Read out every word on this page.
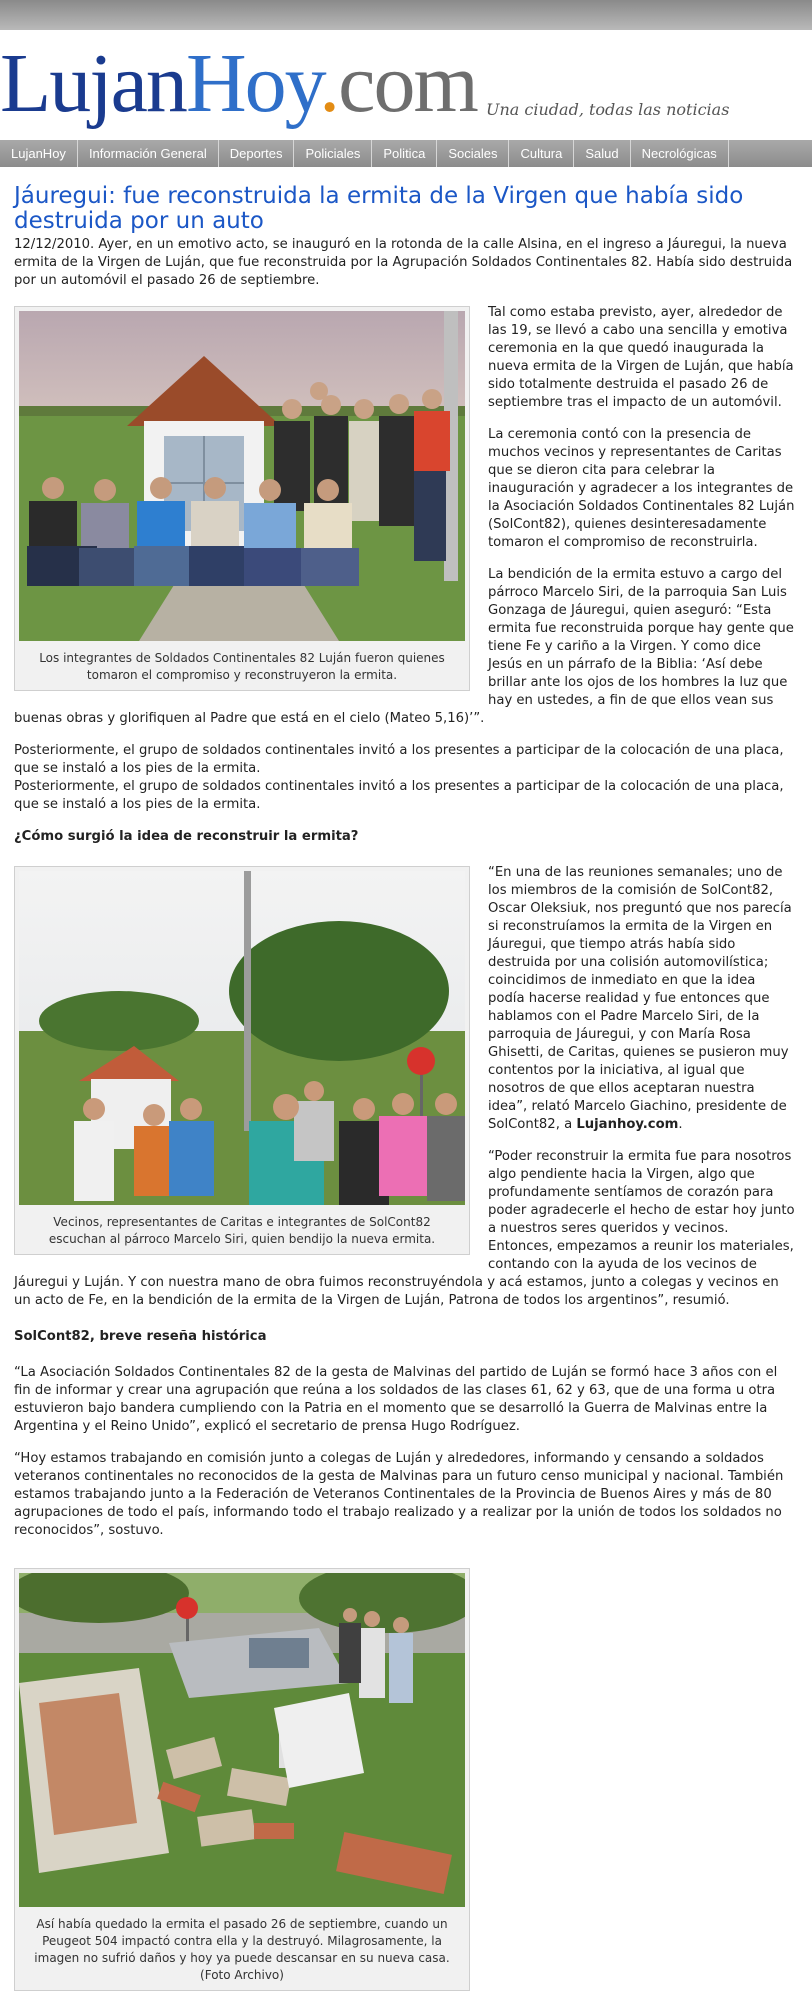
LujanHoy.com Una ciudad, todas las noticias
LujanHoy	Información General	Deportes	Policiales	Politica	Sociales	Cultura	Salud	Necrológicas
Jáuregui: fue reconstruida la ermita de la Virgen que había sido destruida por un auto

12/12/2010. Ayer, en un emotivo acto, se inauguró en la rotonda de la calle Alsina, en el ingreso a Jáuregui, la nueva ermita de la Virgen de Luján, que fue reconstruida por la Agrupación Soldados Continentales 82. Había sido destruida por un automóvil el pasado 26 de septiembre.

Los integrantes de Soldados Continentales 82 Luján fueron quienes tomaron el compromiso y reconstruyeron la ermita.

Tal como estaba previsto, ayer, alrededor de las 19, se llevó a cabo una sencilla y emotiva ceremonia en la que quedó inaugurada la nueva ermita de la Virgen de Luján, que había sido totalmente destruida el pasado 26 de septiembre tras el impacto de un automóvil.

La ceremonia contó con la presencia de muchos vecinos y representantes de Caritas que se dieron cita para celebrar la inauguración y agradecer a los integrantes de la Asociación Soldados Continentales 82 Luján (SolCont82), quienes desinteresadamente tomaron el compromiso de reconstruirla.

La bendición de la ermita estuvo a cargo del párroco Marcelo Siri, de la parroquia San Luis Gonzaga de Jáuregui, quien aseguró: “Esta ermita fue reconstruida porque hay gente que tiene Fe y cariño a la Virgen. Y como dice Jesús en un párrafo de la Biblia: ‘Así debe brillar ante los ojos de los hombres la luz que hay en ustedes, a fin de que ellos vean sus buenas obras y glorifiquen al Padre que está en el cielo (Mateo 5,16)’”.

Posteriormente, el grupo de soldados continentales invitó a los presentes a participar de la colocación de una placa, que se instaló a los pies de la ermita.

Posteriormente, el grupo de soldados continentales invitó a los presentes a participar de la colocación de una placa, que se instaló a los pies de la ermita.

¿Cómo surgió la idea de reconstruir la ermita?
Vecinos, representantes de Caritas e integrantes de SolCont82 escuchan al párroco Marcelo Siri, quien bendijo la nueva ermita.

“En una de las reuniones semanales; uno de los miembros de la comisión de SolCont82, Oscar Oleksiuk, nos preguntó que nos parecía si reconstruíamos la ermita de la Virgen en Jáuregui, que tiempo atrás había sido destruida por una colisión automovilística; coincidimos de inmediato en que la idea podía hacerse realidad y fue entonces que hablamos con el Padre Marcelo Siri, de la parroquia de Jáuregui, y con María Rosa Ghisetti, de Caritas, quienes se pusieron muy contentos por la iniciativa, al igual que nosotros de que ellos aceptaran nuestra idea”, relató Marcelo Giachino, presidente de SolCont82, a Lujanhoy.com.

“Poder reconstruir la ermita fue para nosotros algo pendiente hacia la Virgen, algo que profundamente sentíamos de corazón para poder agradecerle el hecho de estar hoy junto a nuestros seres queridos y vecinos. Entonces, empezamos a reunir los materiales, contando con la ayuda de los vecinos de Jáuregui y Luján. Y con nuestra mano de obra fuimos reconstruyéndola y acá estamos, junto a colegas y vecinos en un acto de Fe, en la bendición de la ermita de la Virgen de Luján, Patrona de todos los argentinos”, resumió.

SolCont82, breve reseña histórica

“La Asociación Soldados Continentales 82 de la gesta de Malvinas del partido de Luján se formó hace 3 años con el fin de informar y crear una agrupación que reúna a los soldados de las clases 61, 62 y 63, que de una forma u otra estuvieron bajo bandera cumpliendo con la Patria en el momento que se desarrolló la Guerra de Malvinas entre la Argentina y el Reino Unido”, explicó el secretario de prensa Hugo Rodríguez.

“Hoy estamos trabajando en comisión junto a colegas de Luján y alrededores, informando y censando a soldados veteranos continentales no reconocidos de la gesta de Malvinas para un futuro censo municipal y nacional. También estamos trabajando junto a la Federación de Veteranos Continentales de la Provincia de Buenos Aires y más de 80 agrupaciones de todo el país, informando todo el trabajo realizado y a realizar por la unión de todos los soldados no reconocidos”, sostuvo.

Así había quedado la ermita el pasado 26 de septiembre, cuando un Peugeot 504 impactó contra ella y la destruyó. Milagrosamente, la imagen no sufrió daños y hoy ya puede descansar en su nueva casa. (Foto Archivo)
